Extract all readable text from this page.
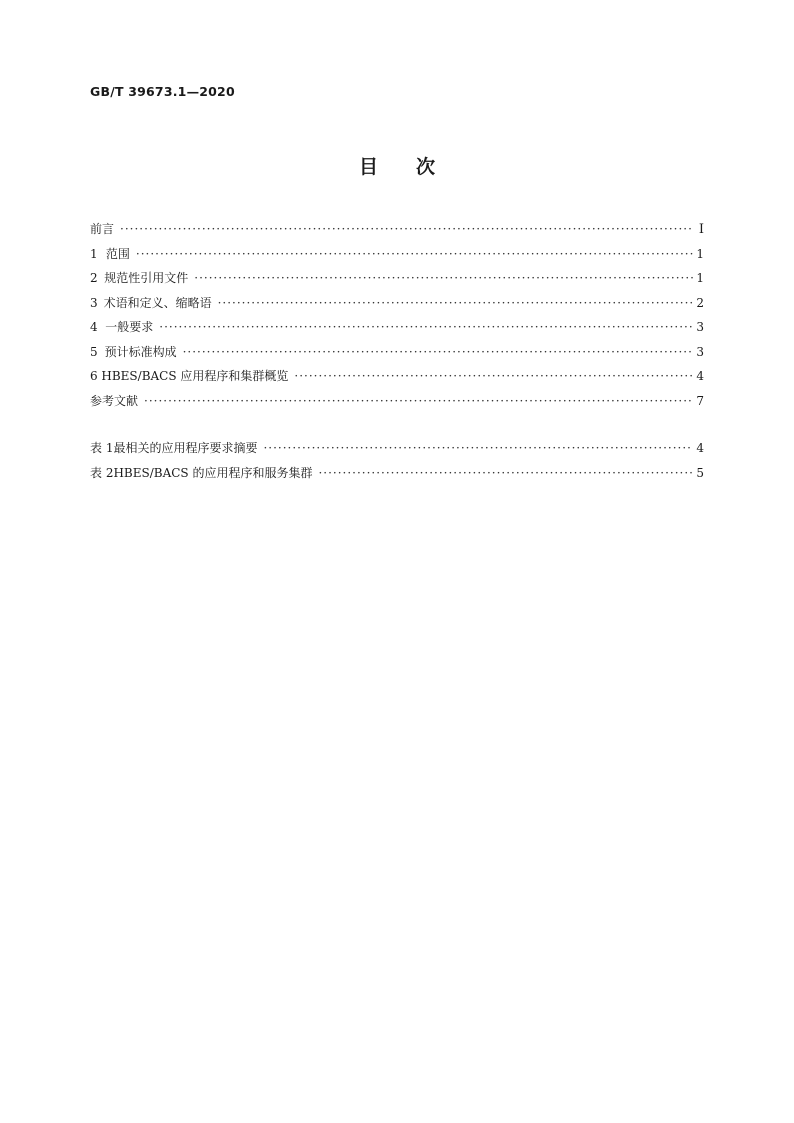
GB/T 39673.1—2020
目次
前言 ·····	Ⅰ
1 范围 ·····	1
2 规范性引用文件 ·····	1
3 术语和定义、缩略语 ·····	2
4 一般要求 ·····	3
5 预计标准构成 ·····	3
6 HBES/BACS 应用程序和集群概览 ·····	4
参考文献 ·····	7
表 1 最相关的应用程序要求摘要 ·····	4
表 2 HBES/BACS 的应用程序和服务集群 ·····	5
